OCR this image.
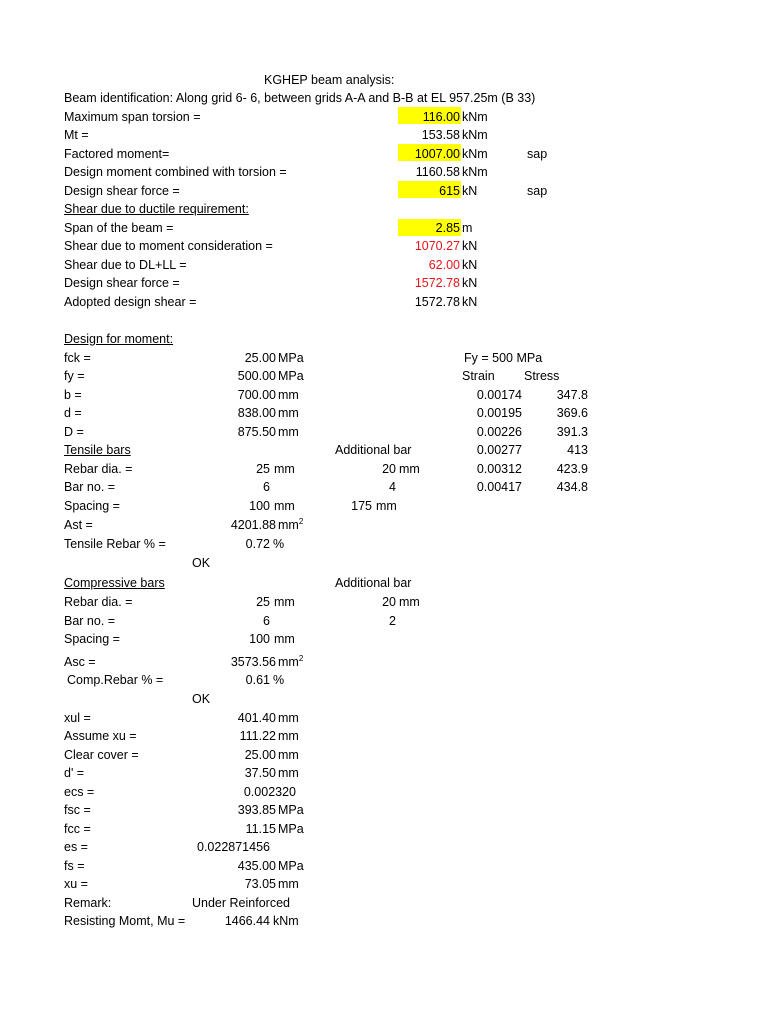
KGHEP beam analysis:
Beam identification: Along grid 6- 6, between grids A-A and B-B at EL 957.25m (B 33)
Maximum span torsion =	116.00 kNm
Mt =	153.58 kNm
Factored moment=	1007.00 kNm	sap
Design moment combined with torsion =	1160.58 kNm
Design shear force =	615 kN	sap
Shear due to ductile requirement:
Span of the beam =	2.85 m
Shear due to moment consideration =	1070.27 kN
Shear due to DL+LL =	62.00 kN
Design shear force =	1572.78 kN
Adopted design shear =	1572.78 kN
Design for moment:
fck =	25.00 MPa
fy =	500.00 MPa
b =	700.00 mm
d =	838.00 mm
D =	875.50 mm
Fy = 500 MPa
Strain Stress
0.00174	347.8
0.00195	369.6
0.00226	391.3
0.00277	413
0.00312	423.9
0.00417	434.8
Tensile bars	Additional bar
Rebar dia. =	25 mm	20 mm
Bar no. =	6	4
Spacing =	100 mm	175 mm
Ast =	4201.88 $mm^2$
Tensile Rebar % =	0.72 %
OK
Compressive bars	Additional bar
Rebar dia. =	25 mm	20 mm
Bar no. =	6	2
Spacing =	100 mm
Asc =	3573.56 $mm^2$
Comp.Rebar % =	0.61 %
OK
xul =	401.40 mm
Assume xu =	111.22 mm
Clear cover =	25.00 mm
d' =	37.50 mm
ecs =	0.002320
fsc =	393.85 MPa
fcc =	11.15 MPa
es =	0.022871456
fs =	435.00 MPa
xu =	73.05 mm
Remark:	Under Reinforced
Resisting Momt, Mu =	1466.44 kNm
